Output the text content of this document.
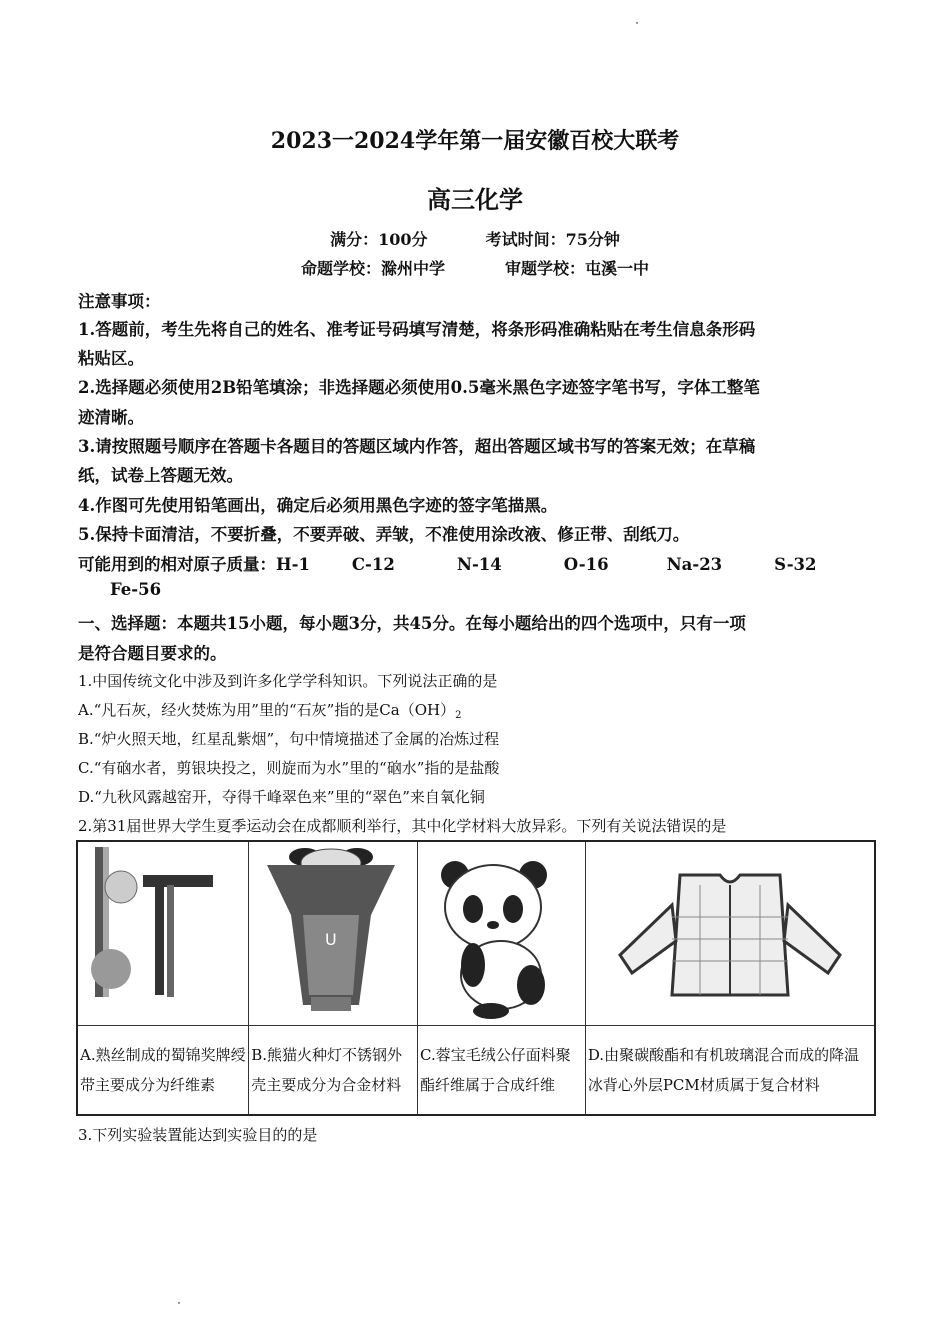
2023一2024学年第一届安徽百校大联考
高三化学
满分：100分	考试时间：75分钟
命题学校：滁州中学	审题学校：屯溪一中
注意事项：
1.答题前，考生先将自己的姓名、准考证号码填写清楚，将条形码准确粘贴在考生信息条形码
粘贴区。
2.选择题必须使用2B铅笔填涂；非选择题必须使用0.5毫米黑色字迹签字笔书写，字体工整笔
迹清晰。
3.请按照题号顺序在答题卡各题目的答题区域内作答，超出答题区域书写的答案无效；在草稿
纸，试卷上答题无效。
4.作图可先使用铅笔画出，确定后必须用黑色字迹的签字笔描黑。
5.保持卡面清洁，不要折叠，不要弄破、弄皱，不准使用涂改液、修正带、刮纸刀。
可能用到的相对原子质量：H-1	C-12	N-14	O-16	Na-23	S-32
Fe-56
一、选择题：本题共15小题，每小题3分，共45分。在每小题给出的四个选项中，只有一项
是符合题目要求的。
1.中国传统文化中涉及到许多化学学科知识。下列说法正确的是
A.“凡石灰，经火焚炼为用”里的“石灰”指的是$Ca(OH)_2$
B.“炉火照天地，红星乱紫烟”，句中情境描述了金属的冶炼过程
C.“有硇水者，剪银块投之，则旋而为水”里的“硇水”指的是盐酸
D.“九秋风露越窑开，夺得千峰翠色来”里的“翠色”来自氧化铜
2.第31届世界大学生夏季运动会在成都顺利举行，其中化学材料大放异彩。下列有关说法错误的是

U

A.熟丝制成的蜀锦奖牌绶带主要成分为纤维素	B.熊猫火种灯不锈钢外壳主要成分为合金材料	C.蓉宝毛绒公仔面料聚酯纤维属于合成纤维	D.由聚碳酸酯和有机玻璃混合而成的降温冰背心外层PCM材质属于复合材料
3.下列实验装置能达到实验目的的是
